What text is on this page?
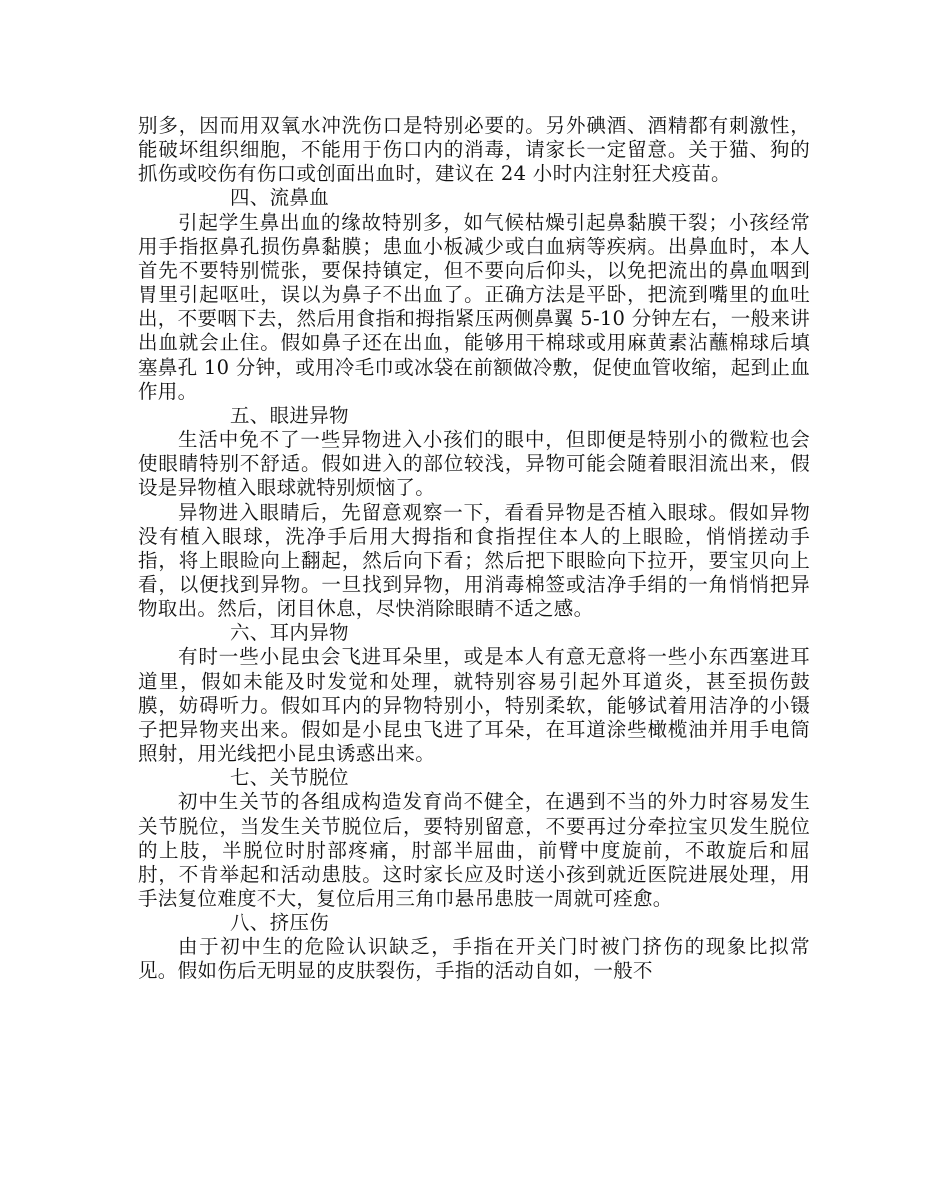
别多，因而用双氧水冲洗伤口是特别必要的。另外碘酒、酒精都有刺激性，能破坏组织细胞，不能用于伤口内的消毒，请家长一定留意。关于猫、狗的抓伤或咬伤有伤口或创面出血时，建议在 24 小时内注射狂犬疫苗。

四、流鼻血

引起学生鼻出血的缘故特别多，如气候枯燥引起鼻黏膜干裂；小孩经常用手指抠鼻孔损伤鼻黏膜；患血小板减少或白血病等疾病。出鼻血时，本人首先不要特别慌张，要保持镇定，但不要向后仰头，以免把流出的鼻血咽到胃里引起呕吐，误以为鼻子不出血了。正确方法是平卧，把流到嘴里的血吐出，不要咽下去，然后用食指和拇指紧压两侧鼻翼 5-10 分钟左右，一般来讲出血就会止住。假如鼻子还在出血，能够用干棉球或用麻黄素沾蘸棉球后填塞鼻孔 10 分钟，或用冷毛巾或冰袋在前额做冷敷，促使血管收缩，起到止血作用。

五、眼进异物

生活中免不了一些异物进入小孩们的眼中，但即便是特别小的微粒也会使眼睛特别不舒适。假如进入的部位较浅，异物可能会随着眼泪流出来，假设是异物植入眼球就特别烦恼了。

异物进入眼睛后，先留意观察一下，看看异物是否植入眼球。假如异物没有植入眼球，洗净手后用大拇指和食指捏住本人的上眼睑，悄悄搓动手指，将上眼睑向上翻起，然后向下看；然后把下眼睑向下拉开，要宝贝向上看，以便找到异物。一旦找到异物，用消毒棉签或洁净手绢的一角悄悄把异物取出。然后，闭目休息，尽快消除眼睛不适之感。

六、耳内异物

有时一些小昆虫会飞进耳朵里，或是本人有意无意将一些小东西塞进耳道里，假如未能及时发觉和处理，就特别容易引起外耳道炎，甚至损伤鼓膜，妨碍听力。假如耳内的异物特别小，特别柔软，能够试着用洁净的小镊子把异物夹出来。假如是小昆虫飞进了耳朵，在耳道涂些橄榄油并用手电筒照射，用光线把小昆虫诱惑出来。

七、关节脱位

初中生关节的各组成构造发育尚不健全，在遇到不当的外力时容易发生关节脱位，当发生关节脱位后，要特别留意，不要再过分牵拉宝贝发生脱位的上肢，半脱位时肘部疼痛，肘部半屈曲，前臂中度旋前，不敢旋后和屈肘，不肯举起和活动患肢。这时家长应及时送小孩到就近医院进展处理，用手法复位难度不大，复位后用三角巾悬吊患肢一周就可痊愈。

八、挤压伤

由于初中生的危险认识缺乏，手指在开关门时被门挤伤的现象比拟常见。假如伤后无明显的皮肤裂伤，手指的活动自如，一般不
